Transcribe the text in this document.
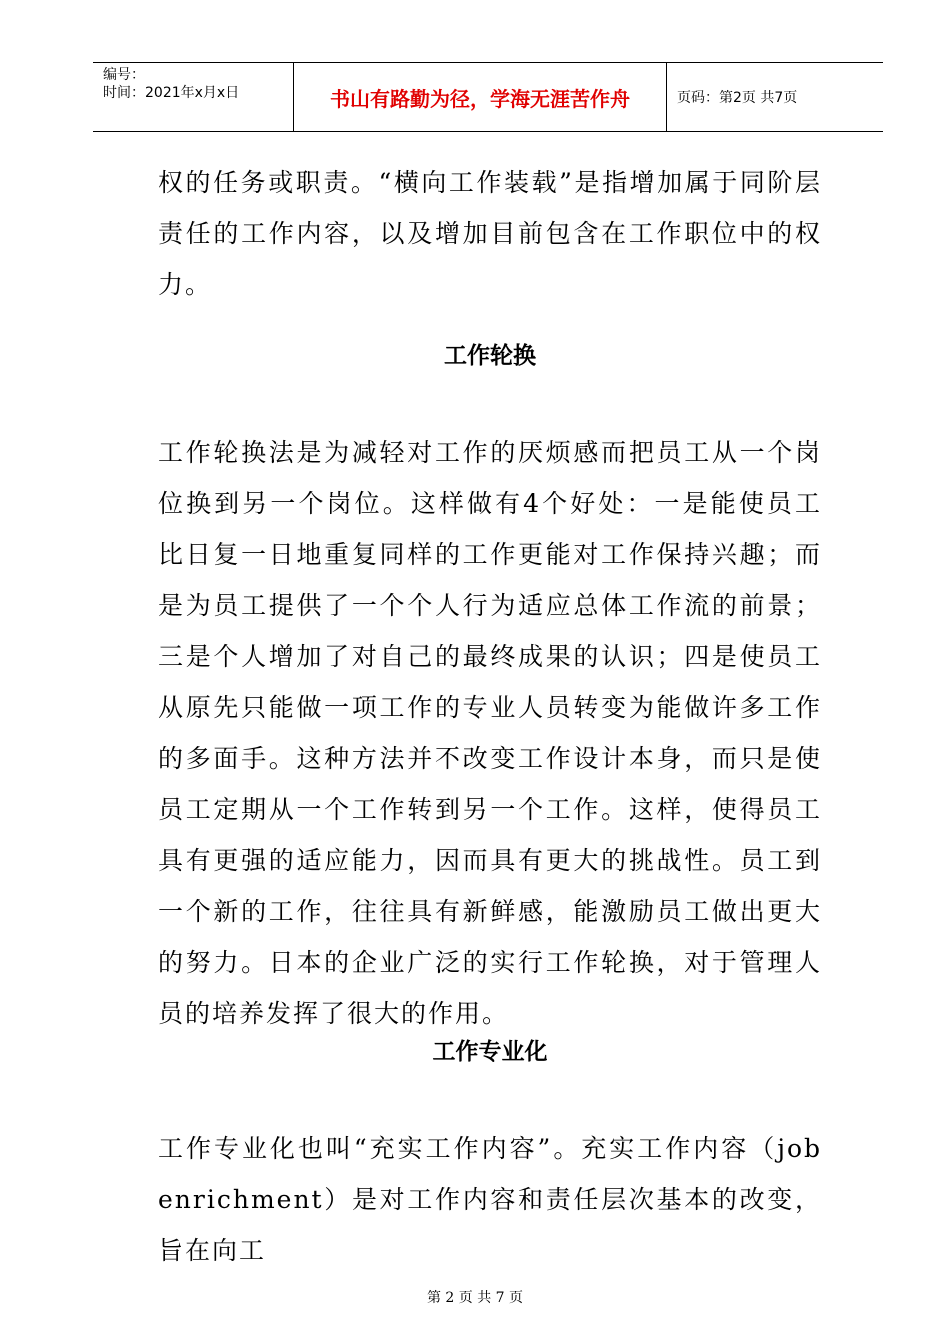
编号：
时间：2021年x月x日	书山有路勤为径，学海无涯苦作舟	页码：第2页 共7页

权的任务或职责。“横向工作装载”是指增加属于同阶层责任的工作内容，以及增加目前包含在工作职位中的权力。

工作轮换

工作轮换法是为减轻对工作的厌烦感而把员工从一个岗位换到另一个岗位。这样做有4个好处：一是能使员工比日复一日地重复同样的工作更能对工作保持兴趣；而是为员工提供了一个个人行为适应总体工作流的前景；三是个人增加了对自己的最终成果的认识；四是使员工从原先只能做一项工作的专业人员转变为能做许多工作的多面手。这种方法并不改变工作设计本身，而只是使员工定期从一个工作转到另一个工作。这样，使得员工具有更强的适应能力，因而具有更大的挑战性。员工到一个新的工作，往往具有新鲜感，能激励员工做出更大的努力。日本的企业广泛的实行工作轮换，对于管理人员的培养发挥了很大的作用。

工作专业化

工作专业化也叫“充实工作内容”。充实工作内容（job enrichment）是对工作内容和责任层次基本的改变，旨在向工

第 2 页 共 7 页
